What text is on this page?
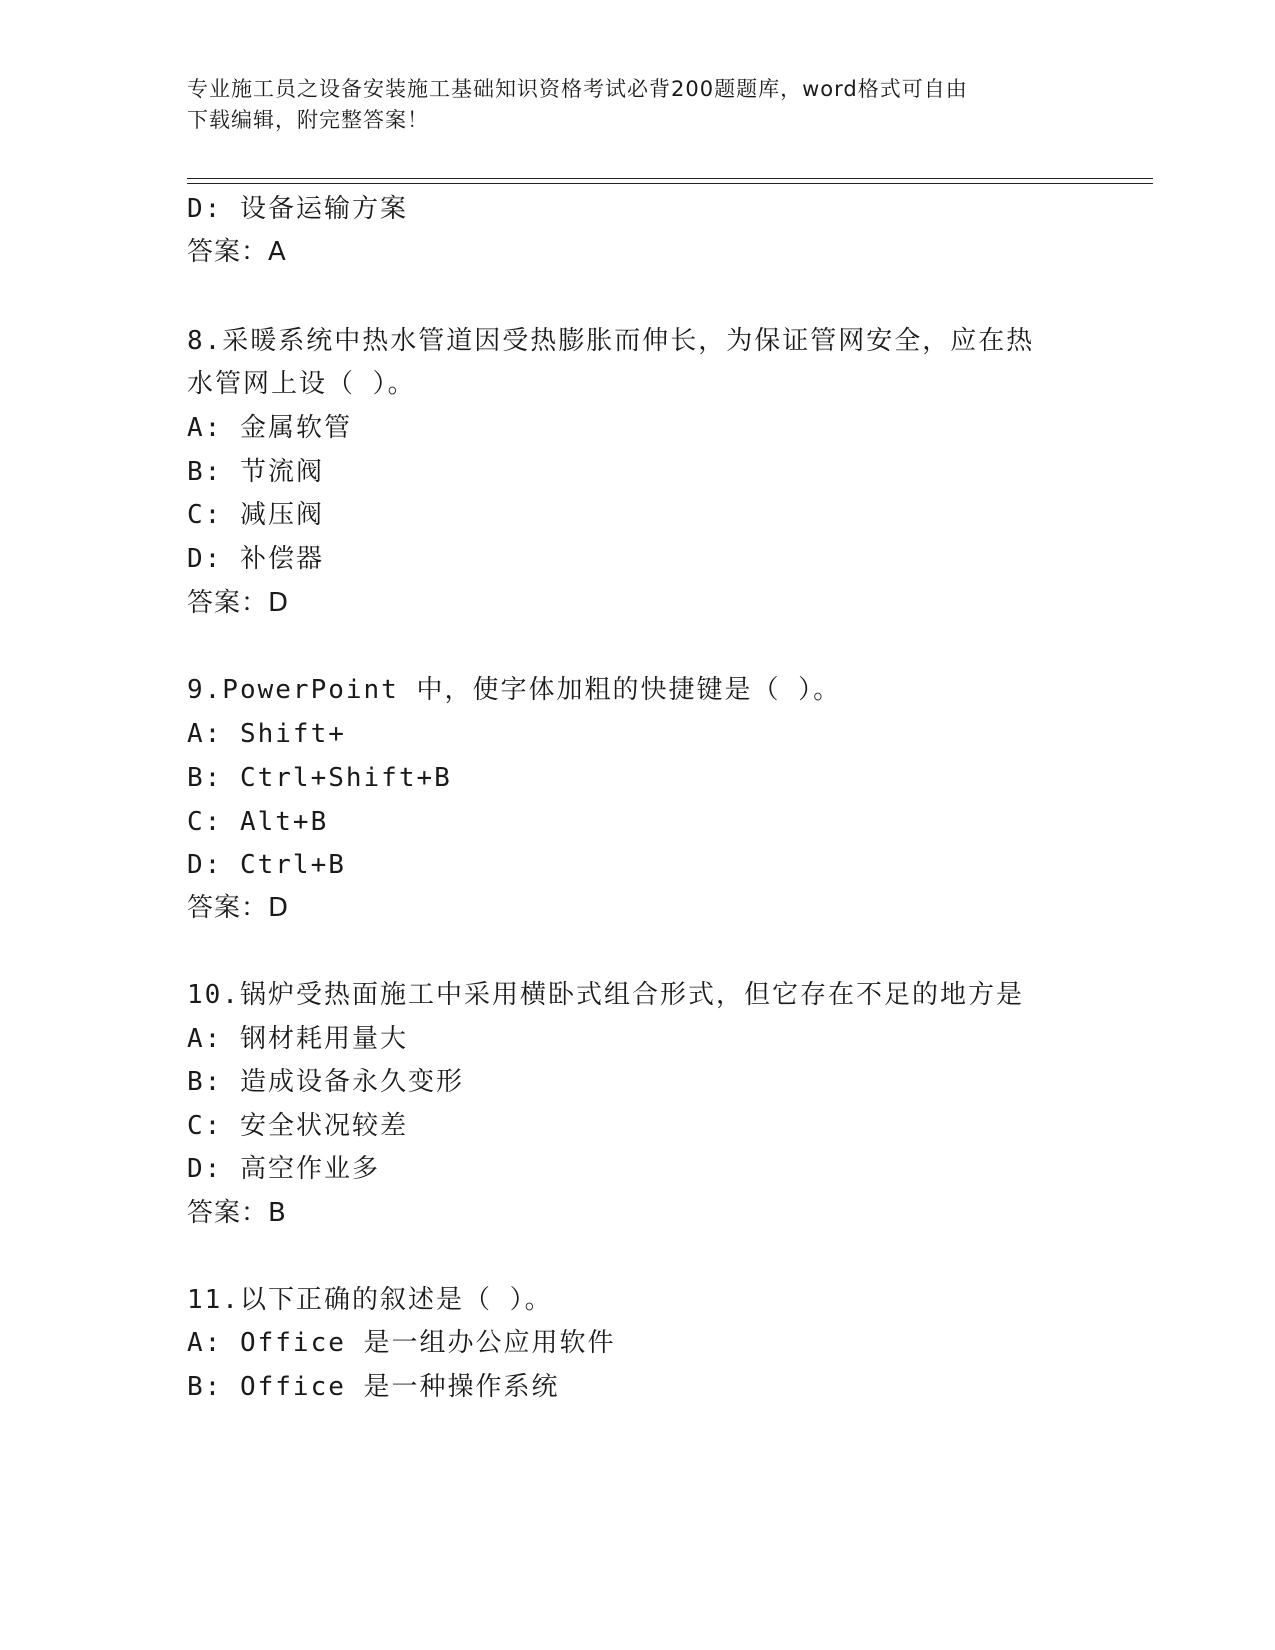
专业施工员之设备安装施工基础知识资格考试必背200题题库，word格式可自由
下载编辑，附完整答案！
D: 设备运输方案
答案：A
8.采暖系统中热水管道因受热膨胀而伸长，为保证管网安全，应在热
水管网上设（ ）。
A: 金属软管
B: 节流阀
C: 减压阀
D: 补偿器
答案：D
9.PowerPoint 中，使字体加粗的快捷键是（ ）。
A: Shift+
B: Ctrl+Shift+B
C: Alt+B
D: Ctrl+B
答案：D
10.锅炉受热面施工中采用横卧式组合形式，但它存在不足的地方是
A: 钢材耗用量大
B: 造成设备永久变形
C: 安全状况较差
D: 高空作业多
答案：B
11.以下正确的叙述是（ ）。
A: Office 是一组办公应用软件
B: Office 是一种操作系统
